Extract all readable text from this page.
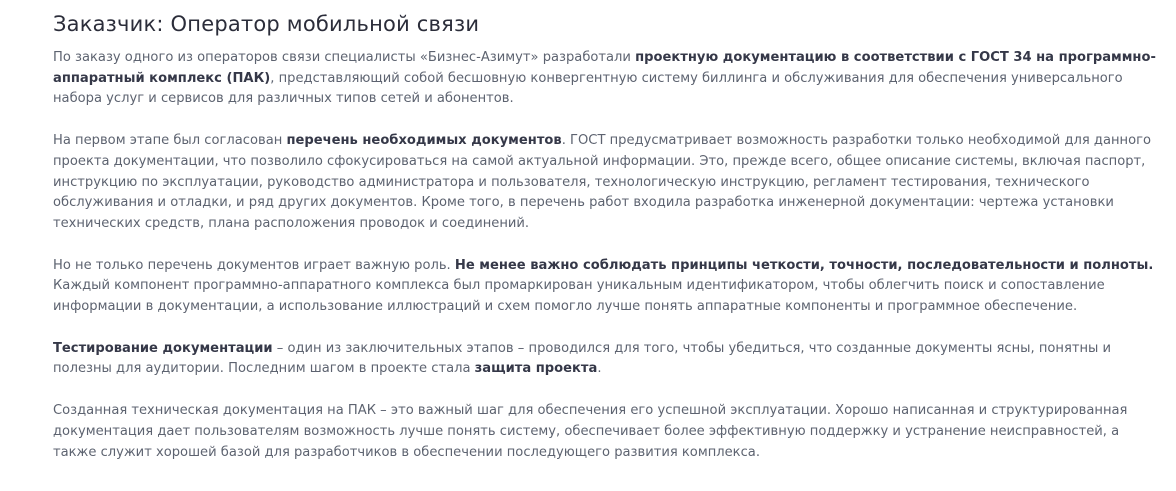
Заказчик: Оператор мобильной связи

По заказу одного из операторов связи специалисты «Бизнес-Азимут» разработали проектную документацию в соответствии с ГОСТ 34 на программно-аппаратный комплекс (ПАК), представляющий собой бесшовную конвергентную систему биллинга и обслуживания для обеспечения универсального набора услуг и сервисов для различных типов сетей и абонентов.

На первом этапе был согласован перечень необходимых документов. ГОСТ предусматривает возможность разработки только необходимой для данного проекта документации, что позволило сфокусироваться на самой актуальной информации. Это, прежде всего, общее описание системы, включая паспорт, инструкцию по эксплуатации, руководство администратора и пользователя, технологическую инструкцию, регламент тестирования, технического обслуживания и отладки, и ряд других документов. Кроме того, в перечень работ входила разработка инженерной документации: чертежа установки технических средств, плана расположения проводок и соединений.

Но не только перечень документов играет важную роль. Не менее важно соблюдать принципы четкости, точности, последовательности и полноты. Каждый компонент программно-аппаратного комплекса был промаркирован уникальным идентификатором, чтобы облегчить поиск и сопоставление информации в документации, а использование иллюстраций и схем помогло лучше понять аппаратные компоненты и программное обеспечение.

Тестирование документации – один из заключительных этапов – проводился для того, чтобы убедиться, что созданные документы ясны, понятны и полезны для аудитории. Последним шагом в проекте стала защита проекта.

Созданная техническая документация на ПАК – это важный шаг для обеспечения его успешной эксплуатации. Хорошо написанная и структурированная документация дает пользователям возможность лучше понять систему, обеспечивает более эффективную поддержку и устранение неисправностей, а также служит хорошей базой для разработчиков в обеспечении последующего развития комплекса.
